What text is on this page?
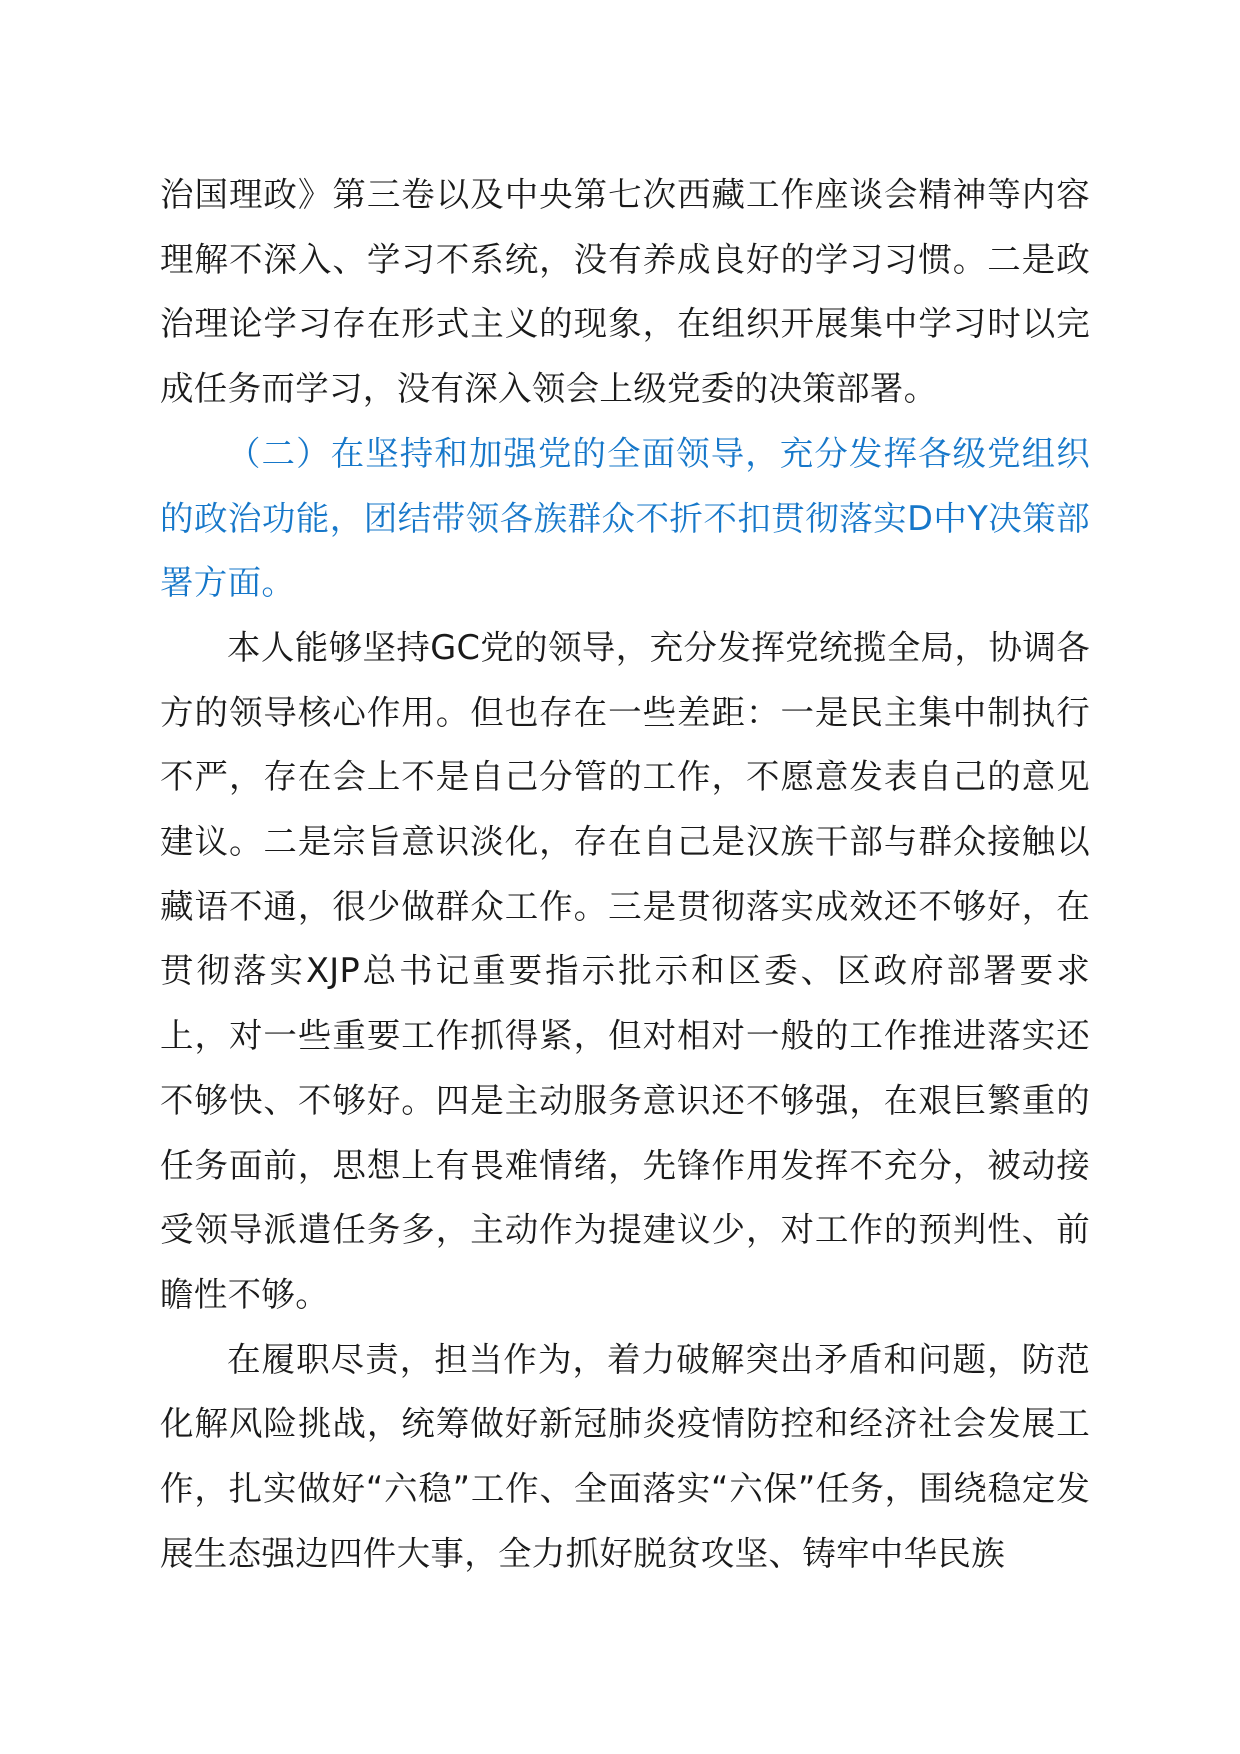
治国理政》第三卷以及中央第七次西藏工作座谈会精神等内容理解不深入、学习不系统，没有养成良好的学习习惯。二是政治理论学习存在形式主义的现象，在组织开展集中学习时以完成任务而学习，没有深入领会上级党委的决策部署。

（二）在坚持和加强党的全面领导，充分发挥各级党组织的政治功能，团结带领各族群众不折不扣贯彻落实D中Y决策部署方面。

本人能够坚持GC党的领导，充分发挥党统揽全局，协调各方的领导核心作用。但也存在一些差距：一是民主集中制执行不严，存在会上不是自己分管的工作，不愿意发表自己的意见建议。二是宗旨意识淡化，存在自己是汉族干部与群众接触以藏语不通，很少做群众工作。三是贯彻落实成效还不够好，在贯彻落实XJP总书记重要指示批示和区委、区政府部署要求上，对一些重要工作抓得紧，但对相对一般的工作推进落实还不够快、不够好。四是主动服务意识还不够强，在艰巨繁重的任务面前，思想上有畏难情绪，先锋作用发挥不充分，被动接受领导派遣任务多，主动作为提建议少，对工作的预判性、前瞻性不够。

在履职尽责，担当作为，着力破解突出矛盾和问题，防范化解风险挑战，统筹做好新冠肺炎疫情防控和经济社会发展工作，扎实做好“六稳”工作、全面落实“六保”任务，围绕稳定发展生态强边四件大事，全力抓好脱贫攻坚、铸牢中华民族
